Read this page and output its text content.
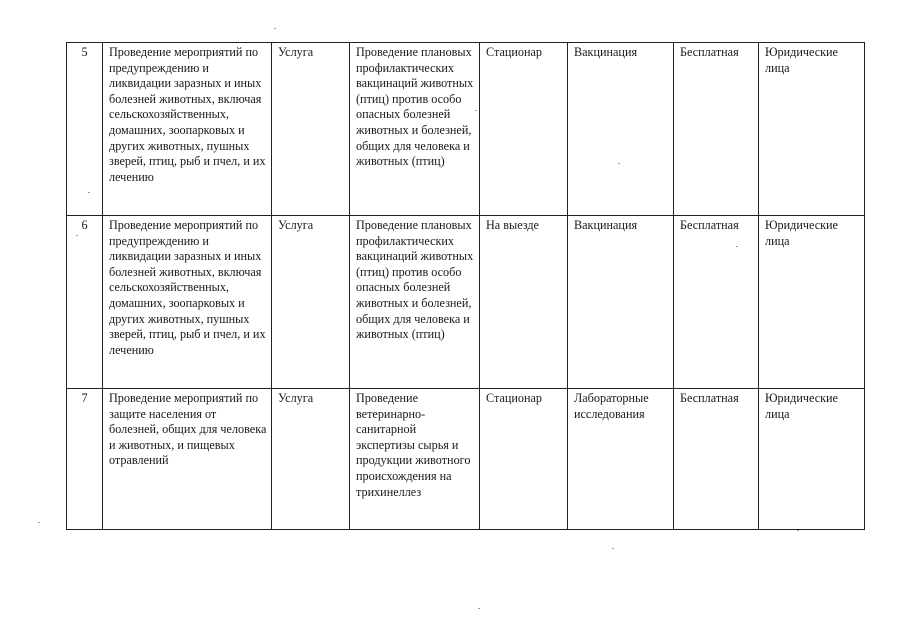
5	Проведение мероприятий по предупреждению и ликвидации заразных и иных болезней животных, включая сельскохозяйственных, домашних, зоопарковых и других животных, пушных зверей, птиц, рыб и пчел, и их лечению	Услуга	Проведение плановых профилактических вакцинаций животных (птиц) против особо опасных болезней животных и болезней, общих для человека и животных (птиц)	Стационар	Вакцинация	Бесплатная	Юридические лица

6	Проведение мероприятий по предупреждению и ликвидации заразных и иных болезней животных, включая сельскохозяйственных, домашних, зоопарковых и других животных, пушных зверей, птиц, рыб и пчел, и их лечению	Услуга	Проведение плановых профилактических вакцинаций животных (птиц) против особо опасных болезней животных и болезней, общих для человека и животных (птиц)	На выезде	Вакцинация	Бесплатная	Юридические лица

7	Проведение мероприятий по защите населения от болезней, общих для человека и животных, и пищевых отравлений	Услуга	Проведение ветеринарно-санитарной экспертизы сырья и продукции животного происхождения на трихинеллез	Стационар	Лабораторные исследования	Бесплатная	Юридические лица
